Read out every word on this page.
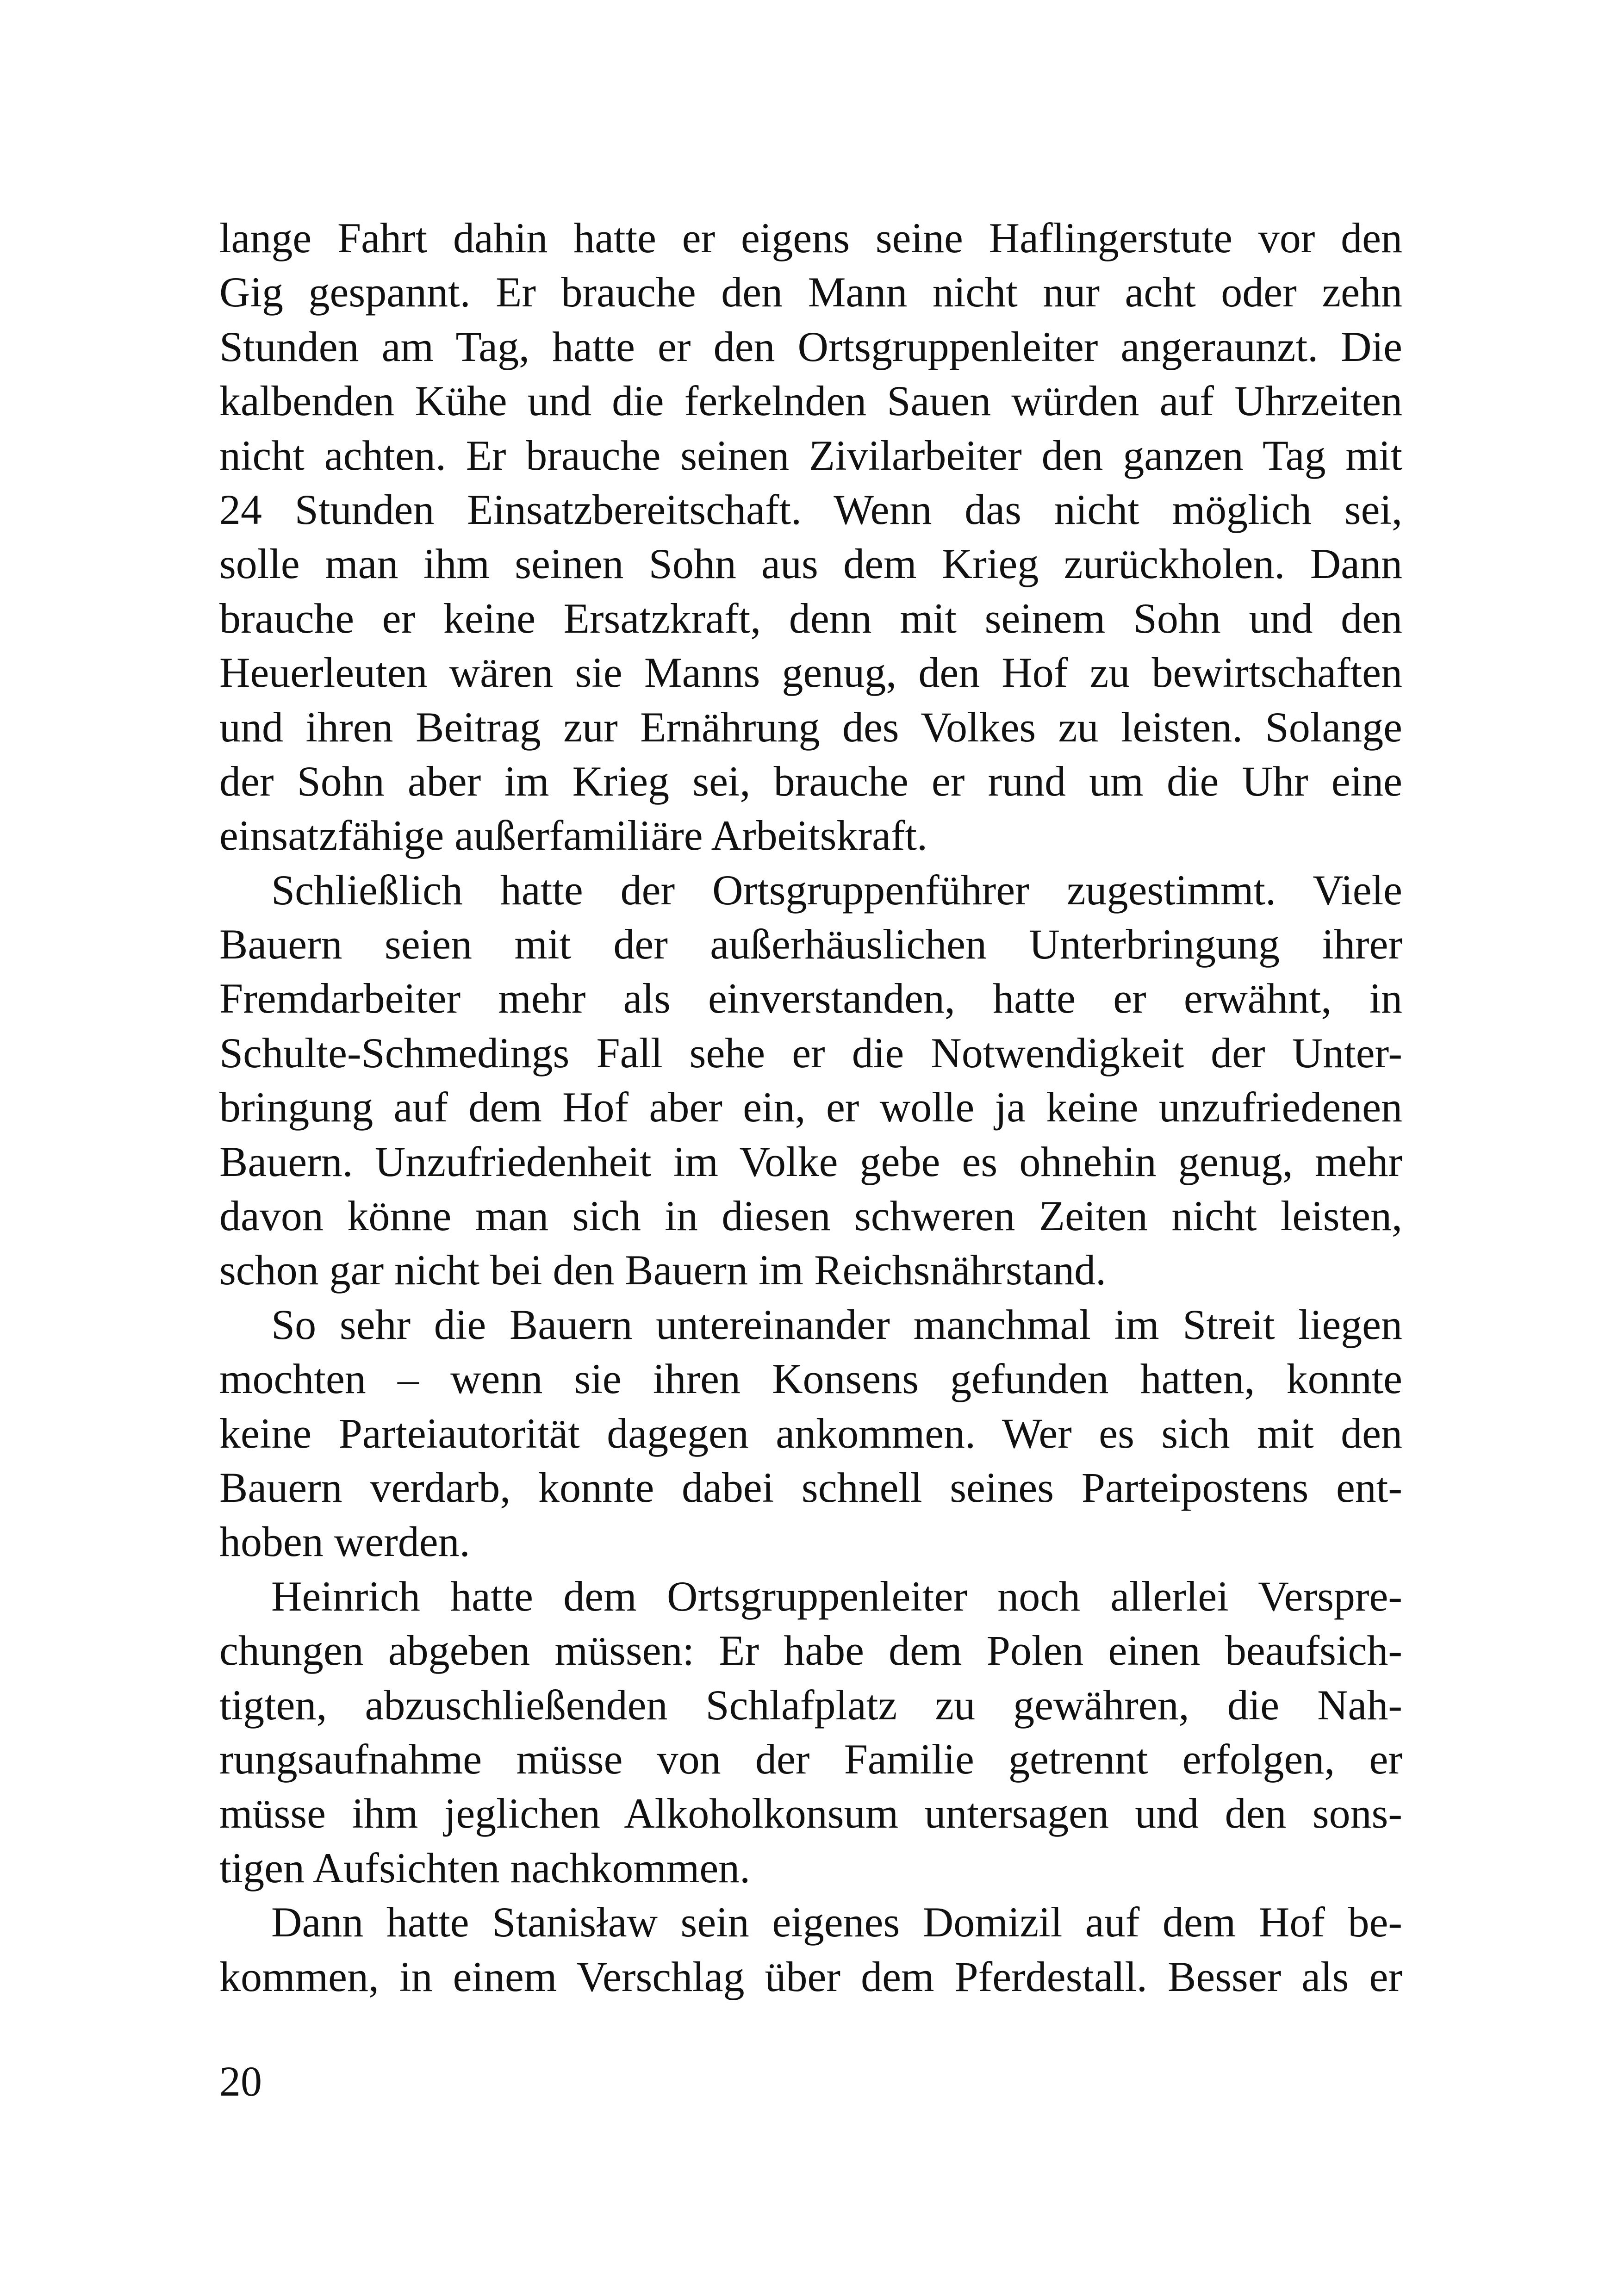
lange Fahrt dahin hatte er eigens seine Haflingerstute vor den
Gig gespannt. Er brauche den Mann nicht nur acht oder zehn
Stunden am Tag, hatte er den Ortsgruppenleiter angeraunzt. Die
kalbenden Kühe und die ferkelnden Sauen würden auf Uhrzeiten
nicht achten. Er brauche seinen Zivilarbeiter den ganzen Tag mit
24 Stunden Einsatzbereitschaft. Wenn das nicht möglich sei,
solle man ihm seinen Sohn aus dem Krieg zurückholen. Dann
brauche er keine Ersatzkraft, denn mit seinem Sohn und den
Heuerleuten wären sie Manns genug, den Hof zu bewirtschaften
und ihren Beitrag zur Ernährung des Volkes zu leisten. Solange
der Sohn aber im Krieg sei, brauche er rund um die Uhr eine
einsatzfähige außerfamiliäre Arbeitskraft.
Schließlich hatte der Ortsgruppenführer zugestimmt. Viele
Bauern seien mit der außerhäuslichen Unterbringung ihrer
Fremdarbeiter mehr als einverstanden, hatte er erwähnt, in
Schulte-Schmedings Fall sehe er die Notwendigkeit der Unter-
bringung auf dem Hof aber ein, er wolle ja keine unzufriedenen
Bauern. Unzufriedenheit im Volke gebe es ohnehin genug, mehr
davon könne man sich in diesen schweren Zeiten nicht leisten,
schon gar nicht bei den Bauern im Reichsnährstand.
So sehr die Bauern untereinander manchmal im Streit liegen
mochten – wenn sie ihren Konsens gefunden hatten, konnte
keine Parteiautorität dagegen ankommen. Wer es sich mit den
Bauern verdarb, konnte dabei schnell seines Parteipostens ent-
hoben werden.
Heinrich hatte dem Ortsgruppenleiter noch allerlei Verspre-
chungen abgeben müssen: Er habe dem Polen einen beaufsich-
tigten, abzuschließenden Schlafplatz zu gewähren, die Nah-
rungsaufnahme müsse von der Familie getrennt erfolgen, er
müsse ihm jeglichen Alkoholkonsum untersagen und den sons-
tigen Aufsichten nachkommen.
Dann hatte Stanisław sein eigenes Domizil auf dem Hof be-
kommen, in einem Verschlag über dem Pferdestall. Besser als er
20
